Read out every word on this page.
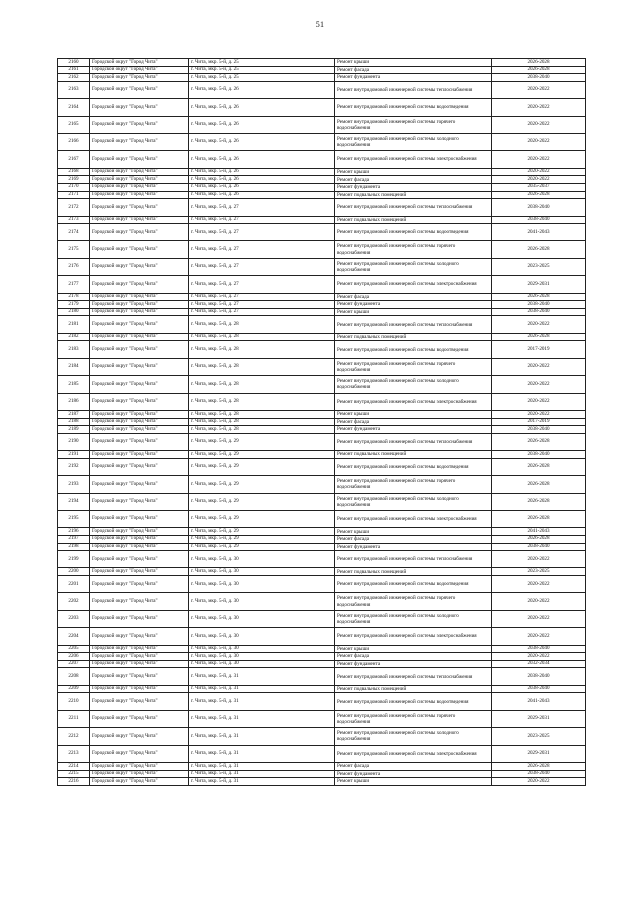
51
2160	Городской округ "Город Чита"	г. Чита, мкр. 5-й, д. 25	Ремонт крыши	2026-2028
2161	Городской округ "Город Чита"	г. Чита, мкр. 5-й, д. 25	Ремонт фасада	2026-2028
2162	Городской округ "Город Чита"	г. Чита, мкр. 5-й, д. 25	Ремонт фундамента	2038-2040
2163	Городской округ "Город Чита"	г. Чита, мкр. 5-й, д. 26	Ремонт внутридомовой инженерной системы теплоснабжения	2020-2022
2164	Городской округ "Город Чита"	г. Чита, мкр. 5-й, д. 26	Ремонт внутридомовой инженерной системы водоотведения	2020-2022
2165	Городской округ "Город Чита"	г. Чита, мкр. 5-й, д. 26	Ремонт внутридомовой инженерной системы горячего водоснабжения	2020-2022
2166	Городской округ "Город Чита"	г. Чита, мкр. 5-й, д. 26	Ремонт внутридомовой инженерной системы холодного водоснабжения	2020-2022
2167	Городской округ "Город Чита"	г. Чита, мкр. 5-й, д. 26	Ремонт внутридомовой инженерной системы электроснабжения	2020-2022
2168	Городской округ "Город Чита"	г. Чита, мкр. 5-й, д. 26	Ремонт крыши	2020-2022
2169	Городской округ "Город Чита"	г. Чита, мкр. 5-й, д. 26	Ремонт фасада	2020-2022
2170	Городской округ "Город Чита"	г. Чита, мкр. 5-й, д. 26	Ремонт фундамента	2035-2037
2171	Городской округ "Город Чита"	г. Чита, мкр. 5-й, д. 26	Ремонт подвальных помещений	2026-2028
2172	Городской округ "Город Чита"	г. Чита, мкр. 5-й, д. 27	Ремонт внутридомовой инженерной системы теплоснабжения	2038-2040
2173	Городской округ "Город Чита"	г. Чита, мкр. 5-й, д. 27	Ремонт подвальных помещений	2038-2040
2174	Городской округ "Город Чита"	г. Чита, мкр. 5-й, д. 27	Ремонт внутридомовой инженерной системы водоотведения	2041-2043
2175	Городской округ "Город Чита"	г. Чита, мкр. 5-й, д. 27	Ремонт внутридомовой инженерной системы горячего водоснабжения	2026-2028
2176	Городской округ "Город Чита"	г. Чита, мкр. 5-й, д. 27	Ремонт внутридомовой инженерной системы холодного водоснабжения	2023-2025
2177	Городской округ "Город Чита"	г. Чита, мкр. 5-й, д. 27	Ремонт внутридомовой инженерной системы электроснабжения	2029-2031
2178	Городской округ "Город Чита"	г. Чита, мкр. 5-й, д. 27	Ремонт фасада	2026-2028
2179	Городской округ "Город Чита"	г. Чита, мкр. 5-й, д. 27	Ремонт фундамента	2038-2040
2180	Городской округ "Город Чита"	г. Чита, мкр. 5-й, д. 27	Ремонт крыши	2038-2040
2181	Городской округ "Город Чита"	г. Чита, мкр. 5-й, д. 28	Ремонт внутридомовой инженерной системы теплоснабжения	2020-2022
2182	Городской округ "Город Чита"	г. Чита, мкр. 5-й, д. 28	Ремонт подвальных помещений	2026-2028
2183	Городской округ "Город Чита"	г. Чита, мкр. 5-й, д. 28	Ремонт внутридомовой инженерной системы водоотведения	2017-2019
2184	Городской округ "Город Чита"	г. Чита, мкр. 5-й, д. 28	Ремонт внутридомовой инженерной системы горячего водоснабжения	2020-2022
2185	Городской округ "Город Чита"	г. Чита, мкр. 5-й, д. 28	Ремонт внутридомовой инженерной системы холодного водоснабжения	2020-2022
2186	Городской округ "Город Чита"	г. Чита, мкр. 5-й, д. 28	Ремонт внутридомовой инженерной системы электроснабжения	2020-2022
2187	Городской округ "Город Чита"	г. Чита, мкр. 5-й, д. 28	Ремонт крыши	2020-2022
2188	Городской округ "Город Чита"	г. Чита, мкр. 5-й, д. 28	Ремонт фасада	2017-2019
2189	Городской округ "Город Чита"	г. Чита, мкр. 5-й, д. 28	Ремонт фундамента	2038-2040
2190	Городской округ "Город Чита"	г. Чита, мкр. 5-й, д. 29	Ремонт внутридомовой инженерной системы теплоснабжения	2026-2028
2191	Городской округ "Город Чита"	г. Чита, мкр. 5-й, д. 29	Ремонт подвальных помещений	2038-2040
2192	Городской округ "Город Чита"	г. Чита, мкр. 5-й, д. 29	Ремонт внутридомовой инженерной системы водоотведения	2026-2028
2193	Городской округ "Город Чита"	г. Чита, мкр. 5-й, д. 29	Ремонт внутридомовой инженерной системы горячего водоснабжения	2026-2028
2194	Городской округ "Город Чита"	г. Чита, мкр. 5-й, д. 29	Ремонт внутридомовой инженерной системы холодного водоснабжения	2026-2028
2195	Городской округ "Город Чита"	г. Чита, мкр. 5-й, д. 29	Ремонт внутридомовой инженерной системы электроснабжения	2026-2028
2196	Городской округ "Город Чита"	г. Чита, мкр. 5-й, д. 29	Ремонт крыши	2041-2043
2197	Городской округ "Город Чита"	г. Чита, мкр. 5-й, д. 29	Ремонт фасада	2026-2028
2198	Городской округ "Город Чита"	г. Чита, мкр. 5-й, д. 29	Ремонт фундамента	2038-2040
2199	Городской округ "Город Чита"	г. Чита, мкр. 5-й, д. 30	Ремонт внутридомовой инженерной системы теплоснабжения	2020-2022
2200	Городской округ "Город Чита"	г. Чита, мкр. 5-й, д. 30	Ремонт подвальных помещений	2023-2025
2201	Городской округ "Город Чита"	г. Чита, мкр. 5-й, д. 30	Ремонт внутридомовой инженерной системы водоотведения	2020-2022
2202	Городской округ "Город Чита"	г. Чита, мкр. 5-й, д. 30	Ремонт внутридомовой инженерной системы горячего водоснабжения	2020-2022
2203	Городской округ "Город Чита"	г. Чита, мкр. 5-й, д. 30	Ремонт внутридомовой инженерной системы холодного водоснабжения	2020-2022
2204	Городской округ "Город Чита"	г. Чита, мкр. 5-й, д. 30	Ремонт внутридомовой инженерной системы электроснабжения	2020-2022
2205	Городской округ "Город Чита"	г. Чита, мкр. 5-й, д. 30	Ремонт крыши	2038-2040
2206	Городской округ "Город Чита"	г. Чита, мкр. 5-й, д. 30	Ремонт фасада	2020-2022
2207	Городской округ "Город Чита"	г. Чита, мкр. 5-й, д. 30	Ремонт фундамента	2032-2034
2208	Городской округ "Город Чита"	г. Чита, мкр. 5-й, д. 31	Ремонт внутридомовой инженерной системы теплоснабжения	2038-2040
2209	Городской округ "Город Чита"	г. Чита, мкр. 5-й, д. 31	Ремонт подвальных помещений	2038-2040
2210	Городской округ "Город Чита"	г. Чита, мкр. 5-й, д. 31	Ремонт внутридомовой инженерной системы водоотведения	2041-2043
2211	Городской округ "Город Чита"	г. Чита, мкр. 5-й, д. 31	Ремонт внутридомовой инженерной системы горячего водоснабжения	2029-2031
2212	Городской округ "Город Чита"	г. Чита, мкр. 5-й, д. 31	Ремонт внутридомовой инженерной системы холодного водоснабжения	2023-2025
2213	Городской округ "Город Чита"	г. Чита, мкр. 5-й, д. 31	Ремонт внутридомовой инженерной системы электроснабжения	2029-2031
2214	Городской округ "Город Чита"	г. Чита, мкр. 5-й, д. 31	Ремонт фасада	2026-2028
2215	Городской округ "Город Чита"	г. Чита, мкр. 5-й, д. 31	Ремонт фундамента	2038-2040
2216	Городской округ "Город Чита"	г. Чита, мкр. 5-й, д. 31	Ремонт крыши	2020-2022
